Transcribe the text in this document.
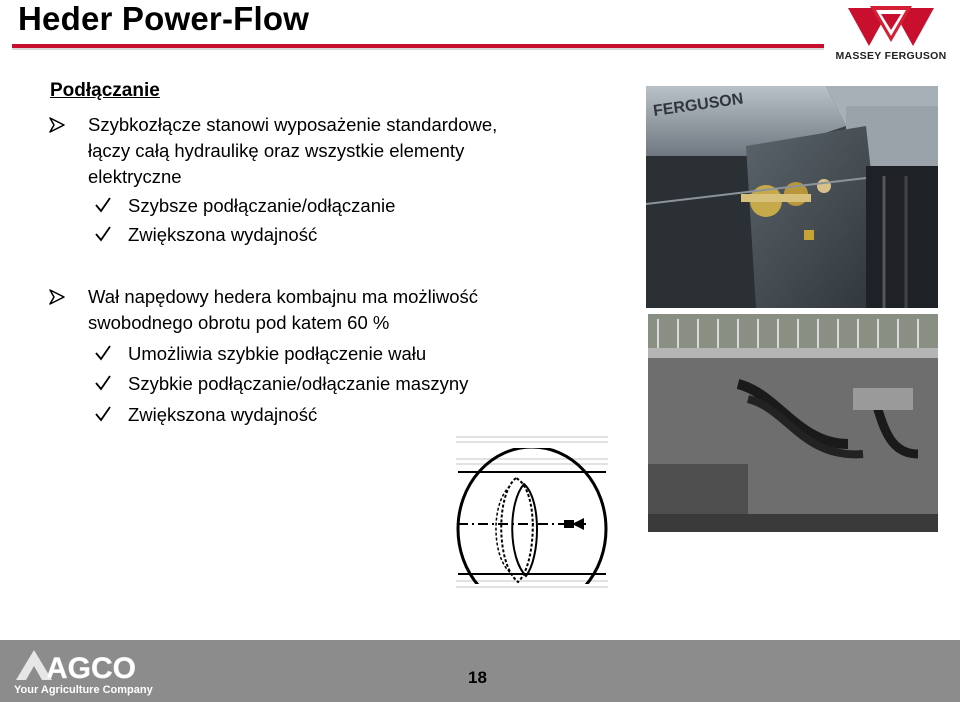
Heder Power-Flow
MASSEY FERGUSON
Podłączanie
Szybkozłącze stanowi wyposażenie standardowe,
łączy całą hydraulikę oraz wszystkie elementy
elektryczne
Szybsze podłączanie/odłączanie
Zwiększona wydajność
Wał napędowy hedera kombajnu ma możliwość
swobodnego obrotu pod katem 60 %
Umożliwia szybkie podłączenie wału
Szybkie podłączanie/odłączanie maszyny
Zwiększona wydajność
FERGUSON
AGCO
Your Agriculture Company
18
